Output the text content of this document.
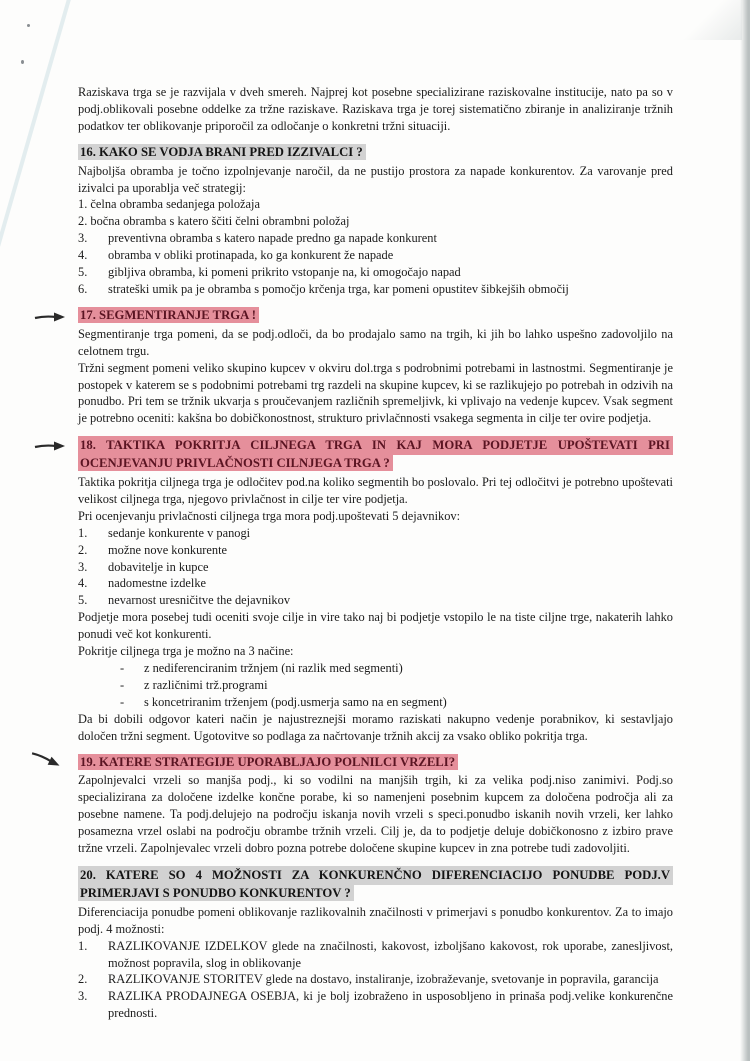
Raziskava trga se je razvijala v dveh smereh. Najprej kot posebne specializirane raziskovalne institucije, nato pa so v podj.oblikovali posebne oddelke za tržne raziskave. Raziskava trga je torej sistematično zbiranje in analiziranje tržnih podatkov ter oblikovanje priporočil za odločanje o konkretni tržni situaciji.

16. KAKO SE VODJA BRANI PRED IZZIVALCI ?

Najboljša obramba je točno izpolnjevanje naročil, da ne pustijo prostora za napade konkurentov. Za varovanje pred izivalci pa uporablja več strategij:

1. čelna obramba sedanjega položaja
2. bočna obramba s katero ščiti čelni obrambni položaj
3.	preventivna obramba s katero napade predno ga napade konkurent
4.	obramba v obliki protinapada, ko ga konkurent že napade
5.	gibljiva obramba, ki pomeni prikrito vstopanje na, ki omogočajo napad
6.	strateški umik pa je obramba s pomočjo krčenja trga, kar pomeni opustitev šibkejših območij
17. SEGMENTIRANJE TRGA !

Segmentiranje trga pomeni, da se podj.odloči, da bo prodajalo samo na trgih, ki jih bo lahko uspešno zadovoljilo na celotnem trgu.

Tržni segment pomeni veliko skupino kupcev v okviru dol.trga s podrobnimi potrebami in lastnostmi. Segmentiranje je postopek v katerem se s podobnimi potrebami trg razdeli na skupine kupcev, ki se razlikujejo po potrebah in odzivih na ponudbo. Pri tem se tržnik ukvarja s proučevanjem različnih spremeljivk, ki vplivajo na vedenje kupcev. Vsak segment je potrebno oceniti: kakšna bo dobičkonostnost, strukturo privlačnnosti vsakega segmenta in cilje ter ovire podjetja.

18. TAKTIKA POKRITJA CILJNEGA TRGA IN KAJ MORA PODJETJE UPOŠTEVATI PRI
OCENJEVANJU PRIVLAČNOSTI CILNJEGA TRGA ?

Taktika pokritja ciljnega trga je odločitev pod.na koliko segmentih bo poslovalo. Pri tej odločitvi je potrebno upoštevati velikost ciljnega trga, njegovo privlačnost in cilje ter vire podjetja.

Pri ocenjevanju privlačnosti ciljnega trga mora podj.upoštevati 5 dejavnikov:

1.	sedanje konkurente v panogi
2.	možne nove konkurente
3.	dobavitelje in kupce
4.	nadomestne izdelke
5.	nevarnost uresničitve the dejavnikov

Podjetje mora posebej tudi oceniti svoje cilje in vire tako naj bi podjetje vstopilo le na tiste ciljne trge, nakaterih lahko ponudi več kot konkurenti.

Pokritje ciljnega trga je možno na 3 načine:

-	z nediferenciranim tržnjem (ni razlik med segmenti)
-	z različnimi trž.programi
-	s koncetriranim trženjem (podj.usmerja samo na en segment)

Da bi dobili odgovor kateri način je najustreznejši moramo raziskati nakupno vedenje porabnikov, ki sestavljajo določen tržni segment. Ugotovitve so podlaga za načrtovanje tržnih akcij za vsako obliko pokritja trga.

19. KATERE STRATEGIJE UPORABLJAJO POLNILCI VRZELI?

Zapolnjevalci vrzeli so manjša podj., ki so vodilni na manjših trgih, ki za velika podj.niso zanimivi. Podj.so specializirana za določene izdelke končne porabe, ki so namenjeni posebnim kupcem za določena področja ali za posebne namene. Ta podj.delujejo na področju iskanja novih vrzeli s speci.ponudbo iskanih novih vrzeli, ker lahko posamezna vrzel oslabi na področju obrambe tržnih vrzeli. Cilj je, da to podjetje deluje dobičkonosno z izbiro prave tržne vrzeli. Zapolnjevalec vrzeli dobro pozna potrebe določene skupine kupcev in zna potrebe tudi zadovoljiti.

20. KATERE SO 4 MOŽNOSTI ZA KONKURENČNO DIFERENCIACIJO PONUDBE PODJ.V
PRIMERJAVI S PONUDBO KONKURENTOV ?

Diferenciacija ponudbe pomeni oblikovanje razlikovalnih značilnosti v primerjavi s ponudbo konkurentov. Za to imajo podj. 4 možnosti:

1.	RAZLIKOVANJE IZDELKOV glede na značilnosti, kakovost, izboljšano kakovost, rok uporabe, zanesljivost, možnost popravila, slog in oblikovanje
2.	RAZLIKOVANJE STORITEV glede na dostavo, instaliranje, izobraževanje, svetovanje in popravila, garancija
3.	RAZLIKA PRODAJNEGA OSEBJA, ki je bolj izobraženo in usposobljeno in prinaša podj.velike konkurenčne prednosti.
